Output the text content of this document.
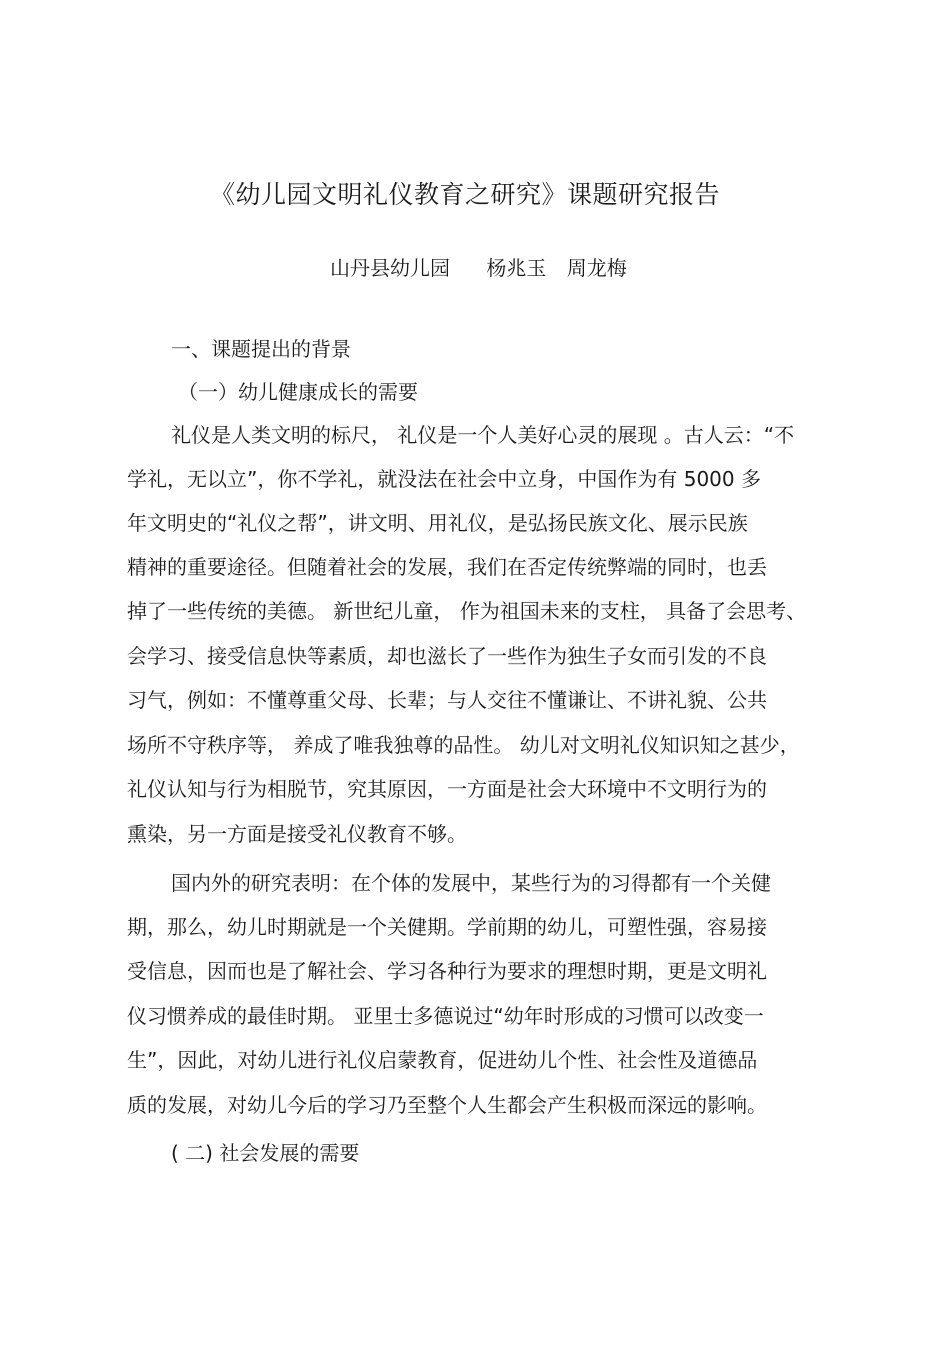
《幼儿园文明礼仪教育之研究》课题研究报告
山丹县幼儿园 杨兆玉 周龙梅
一、课题提出的背景
（一）幼儿健康成长的需要
礼仪是人类文明的标尺， 礼仪是一个人美好心灵的展现 。古人云：“不
学礼，无以立”，你不学礼，就没法在社会中立身，中国作为有 5000 多
年文明史的“礼仪之帮”，讲文明、用礼仪，是弘扬民族文化、展示民族
精神的重要途径。但随着社会的发展，我们在否定传统弊端的同时，也丢
掉了一些传统的美德。 新世纪儿童， 作为祖国未来的支柱， 具备了会思考、
会学习、接受信息快等素质，却也滋长了一些作为独生子女而引发的不良
习气，例如：不懂尊重父母、长辈；与人交往不懂谦让、不讲礼貌、公共
场所不守秩序等， 养成了唯我独尊的品性。 幼儿对文明礼仪知识知之甚少，
礼仪认知与行为相脱节，究其原因，一方面是社会大环境中不文明行为的
熏染，另一方面是接受礼仪教育不够。
国内外的研究表明：在个体的发展中，某些行为的习得都有一个关健
期，那么，幼儿时期就是一个关健期。学前期的幼儿，可塑性强，容易接
受信息，因而也是了解社会、学习各种行为要求的理想时期，更是文明礼
仪习惯养成的最佳时期。 亚里士多德说过“幼年时形成的习惯可以改变一
生”，因此，对幼儿进行礼仪启蒙教育，促进幼儿个性、社会性及道德品
质的发展，对幼儿今后的学习乃至整个人生都会产生积极而深远的影响。
( 二) 社会发展的需要
